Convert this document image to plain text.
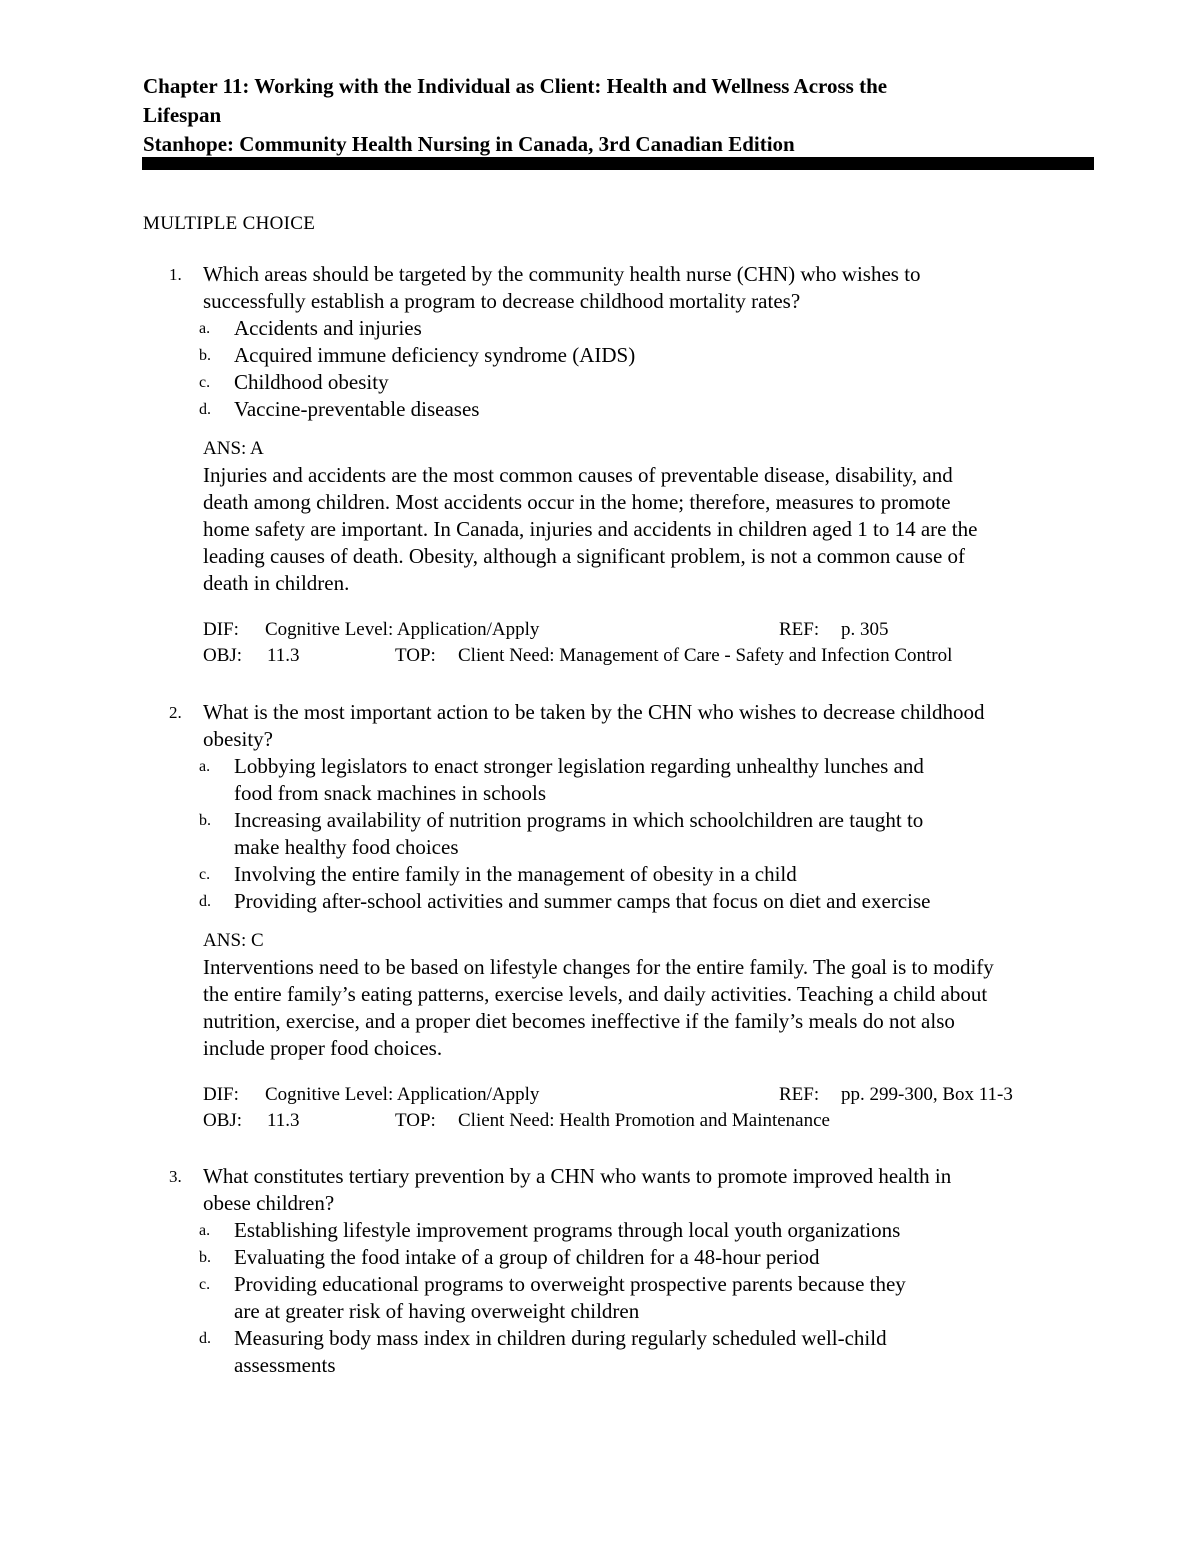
Chapter 11: Working with the Individual as Client: Health and Wellness Across the
Lifespan
Stanhope: Community Health Nursing in Canada, 3rd Canadian Edition
MULTIPLE CHOICE
1. Which areas should be targeted by the community health nurse (CHN) who wishes to
successfully establish a program to decrease childhood mortality rates?
a. Accidents and injuries
b. Acquired immune deficiency syndrome (AIDS)
c. Childhood obesity
d. Vaccine-preventable diseases
ANS: A
Injuries and accidents are the most common causes of preventable disease, disability, and
death among children. Most accidents occur in the home; therefore, measures to promote
home safety are important. In Canada, injuries and accidents in children aged 1 to 14 are the
leading causes of death. Obesity, although a significant problem, is not a common cause of
death in children.
DIF: Cognitive Level: Application/Apply	REF: p. 305
OBJ: 11.3	TOP: Client Need: Management of Care - Safety and Infection Control
2. What is the most important action to be taken by the CHN who wishes to decrease childhood
obesity?
a. Lobbying legislators to enact stronger legislation regarding unhealthy lunches and
food from snack machines in schools
b. Increasing availability of nutrition programs in which schoolchildren are taught to
make healthy food choices
c. Involving the entire family in the management of obesity in a child
d. Providing after-school activities and summer camps that focus on diet and exercise
ANS: C
Interventions need to be based on lifestyle changes for the entire family. The goal is to modify
the entire family’s eating patterns, exercise levels, and daily activities. Teaching a child about
nutrition, exercise, and a proper diet becomes ineffective if the family’s meals do not also
include proper food choices.
DIF: Cognitive Level: Application/Apply	REF: pp. 299-300, Box 11-3
OBJ: 11.3	TOP: Client Need: Health Promotion and Maintenance
3. What constitutes tertiary prevention by a CHN who wants to promote improved health in
obese children?
a. Establishing lifestyle improvement programs through local youth organizations
b. Evaluating the food intake of a group of children for a 48-hour period
c. Providing educational programs to overweight prospective parents because they
are at greater risk of having overweight children
d. Measuring body mass index in children during regularly scheduled well-child
assessments
